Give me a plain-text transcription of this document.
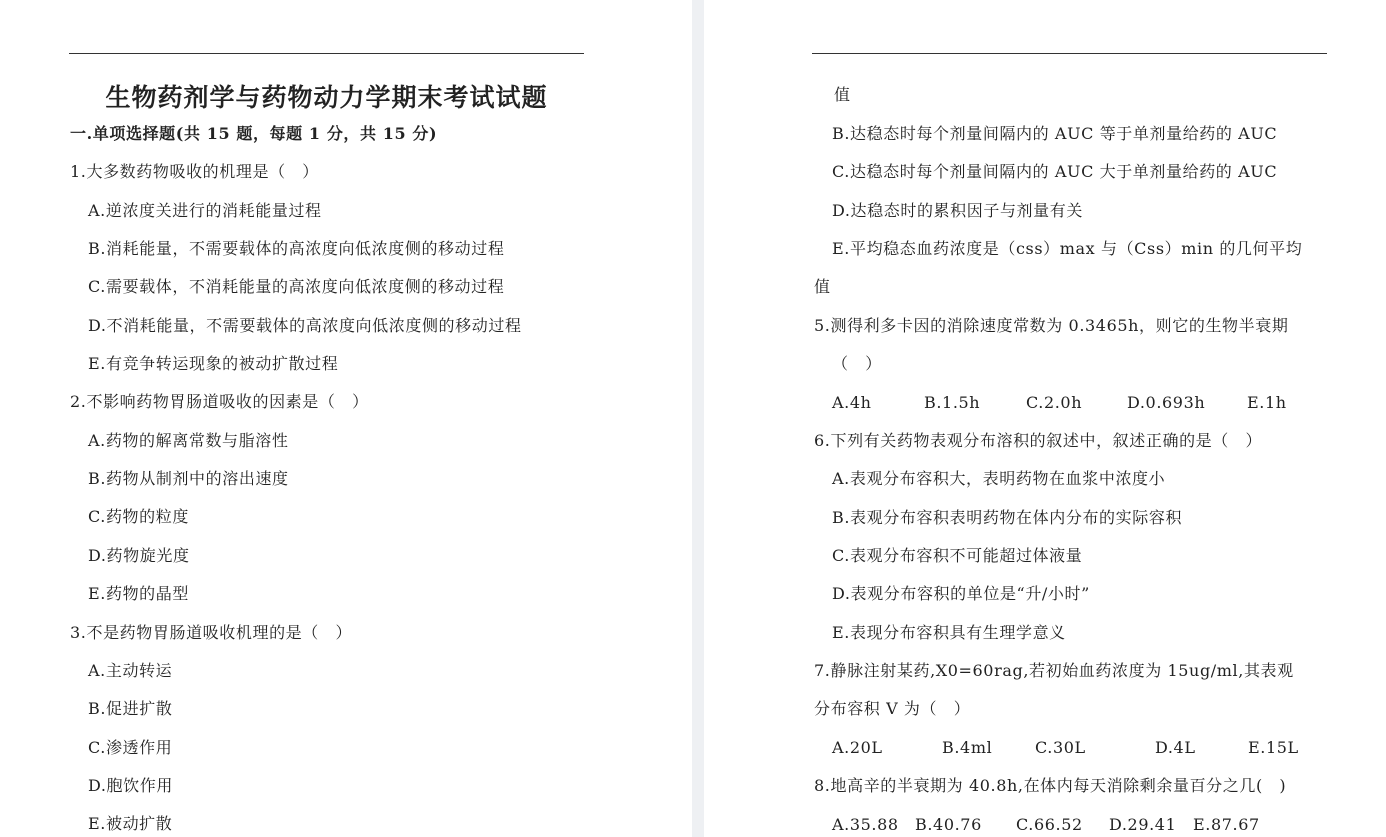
生物药剂学与药物动力学期末考试试题
一.单项选择题(共 15 题，每题 1 分，共 15 分)
1.大多数药物吸收的机理是（　）
A.逆浓度关进行的消耗能量过程
B.消耗能量，不需要载体的高浓度向低浓度侧的移动过程
C.需要载体，不消耗能量的高浓度向低浓度侧的移动过程
D.不消耗能量，不需要载体的高浓度向低浓度侧的移动过程
E.有竞争转运现象的被动扩散过程
2.不影响药物胃肠道吸收的因素是（　）
A.药物的解离常数与脂溶性
B.药物从制剂中的溶出速度
C.药物的粒度
D.药物旋光度
E.药物的晶型
3.不是药物胃肠道吸收机理的是（　）
A.主动转运
B.促进扩散
C.渗透作用
D.胞饮作用
E.被动扩散
值
B.达稳态时每个剂量间隔内的 AUC 等于单剂量给药的 AUC
C.达稳态时每个剂量间隔内的 AUC 大于单剂量给药的 AUC
D.达稳态时的累积因子与剂量有关
E.平均稳态血药浓度是（css）max 与（Css）min 的几何平均
值
5.测得利多卡因的消除速度常数为 0.3465h，则它的生物半衰期
（　）
A.4h	B.1.5h	C.2.0h	D.0.693h	E.1h
6.下列有关药物表观分布溶积的叙述中，叙述正确的是（　）
A.表观分布容积大，表明药物在血浆中浓度小
B.表观分布容积表明药物在体内分布的实际容积
C.表观分布容积不可能超过体液量
D.表观分布容积的单位是“升/小时”
E.表现分布容积具有生理学意义
7.静脉注射某药,X0=60rag,若初始血药浓度为 15ug/ml,其表观
分布容积 V 为（　）
A.20L	B.4ml	C.30L	D.4L	E.15L
8.地高辛的半衰期为 40.8h,在体内每天消除剩余量百分之几(　)
A.35.88 B.40.76 C.66.52 D.29.41 E.87.67
